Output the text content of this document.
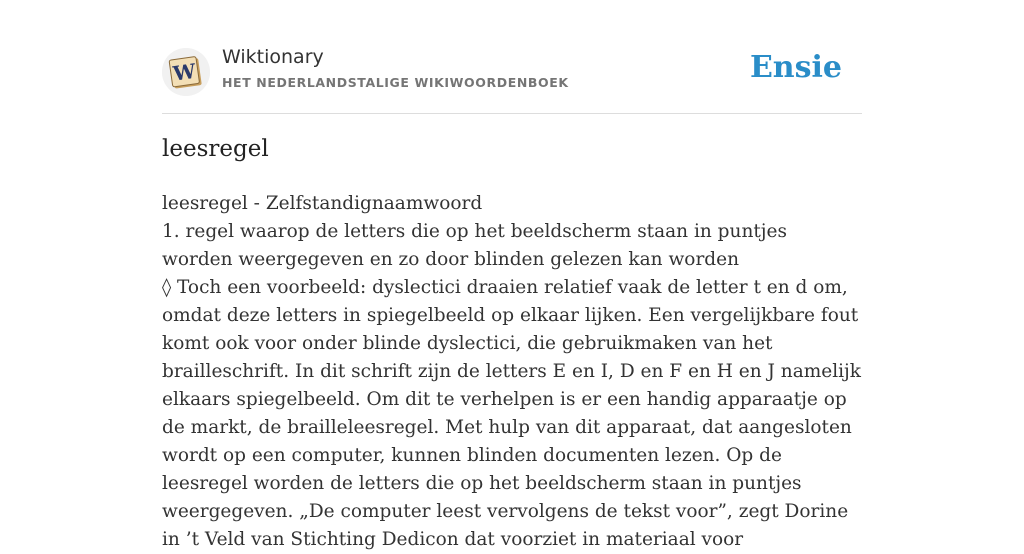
W
Wiktionary
HET NEDERLANDSTALIGE WIKIWOORDENBOEK	Ensie
leesregel

leesregel - Zelfstandignaamwoord

1. regel waarop de letters die op het beeldscherm staan in puntjes worden weergegeven en zo door blinden gelezen kan worden

◊ Toch een voorbeeld: dyslectici draaien relatief vaak de letter t en d om, omdat deze letters in spiegelbeeld op elkaar lijken. Een vergelijkbare fout komt ook voor onder blinde dyslectici, die gebruikmaken van het brailleschrift. In dit schrift zijn de letters E en I, D en F en H en J namelijk elkaars spiegelbeeld. Om dit te verhelpen is er een handig apparaatje op de markt, de brailleleesregel. Met hulp van dit apparaat, dat aangesloten wordt op een computer, kunnen blinden documenten lezen. Op de leesregel worden de letters die op het beeldscherm staan in puntjes weergegeven. „De computer leest vervolgens de tekst voor”, zegt Dorine in ’t Veld van Stichting Dedicon dat voorziet in materiaal voor
